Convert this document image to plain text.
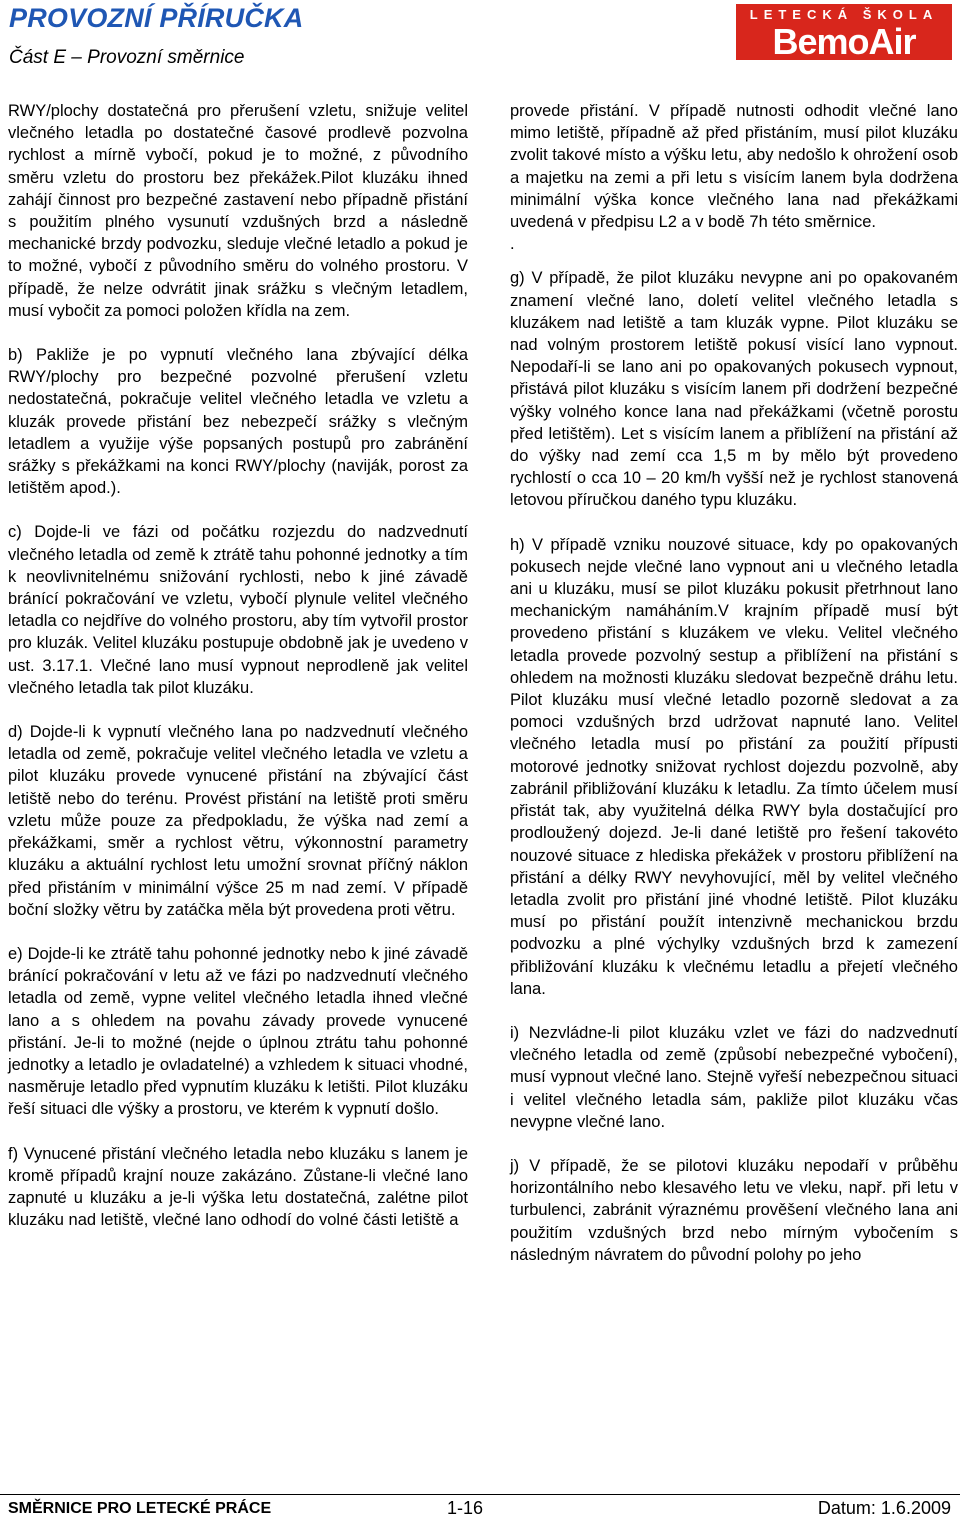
PROVOZNÍ PŘÍRUČKA
Část E – Provozní směrnice
LETECKÁ ŠKOLA
BemoAir

RWY/plochy dostatečná pro přerušení vzletu, snižuje velitel vlečného letadla po dostatečné časové prodlevě pozvolna rychlost a mírně vybočí, pokud je to možné, z původního směru vzletu do prostoru bez překážek.Pilot kluzáku ihned zahájí činnost pro bezpečné zastavení nebo případně přistání s použitím plného vysunutí vzdušných brzd a následně mechanické brzdy podvozku, sleduje vlečné letadlo a pokud je to možné, vybočí z původního směru do volného prostoru. V případě, že nelze odvrátit jinak srážku s vlečným letadlem, musí vybočit za pomoci položen křídla na zem.

b) Pakliže je po vypnutí vlečného lana zbývající délka RWY/plochy pro bezpečné pozvolné přerušení vzletu nedostatečná, pokračuje velitel vlečného letadla ve vzletu a kluzák provede přistání bez nebezpečí srážky s vlečným letadlem a využije výše popsaných postupů pro zabránění srážky s překážkami na konci RWY/plochy (naviják, porost za letištěm apod.).

c) Dojde-li ve fázi od počátku rozjezdu do nadzvednutí vlečného letadla od země k ztrátě tahu pohonné jednotky a tím k neovlivnitelnému snižování rychlosti, nebo k jiné závadě bránící pokračování ve vzletu, vybočí plynule velitel vlečného letadla co nejdříve do volného prostoru, aby tím vytvořil prostor pro kluzák. Velitel kluzáku postupuje obdobně jak je uvedeno v ust. 3.17.1. Vlečné lano musí vypnout neprodleně jak velitel vlečného letadla tak pilot kluzáku.

d) Dojde-li k vypnutí vlečného lana po nadzvednutí vlečného letadla od země, pokračuje velitel vlečného letadla ve vzletu a pilot kluzáku provede vynucené přistání na zbývající část letiště nebo do terénu. Provést přistání na letiště proti směru vzletu může pouze za předpokladu, že výška nad zemí a překážkami, směr a rychlost větru, výkonnostní parametry kluzáku a aktuální rychlost letu umožní srovnat příčný náklon před přistáním v minimální výšce 25 m nad zemí. V případě boční složky větru by zatáčka měla být provedena proti větru.

e) Dojde-li ke ztrátě tahu pohonné jednotky nebo k jiné závadě bránící pokračování v letu až ve fázi po nadzvednutí vlečného letadla od země, vypne velitel vlečného letadla ihned vlečné lano a s ohledem na povahu závady provede vynucené přistání. Je-li to možné (nejde o úplnou ztrátu tahu pohonné jednotky a letadlo je ovladatelné) a vzhledem k situaci vhodné, nasměruje letadlo před vypnutím kluzáku k letišti. Pilot kluzáku řeší situaci dle výšky a prostoru, ve kterém k vypnutí došlo.

f) Vynucené přistání vlečného letadla nebo kluzáku s lanem je kromě případů krajní nouze zakázáno. Zůstane-li vlečné lano zapnuté u kluzáku a je-li výška letu dostatečná, zalétne pilot kluzáku nad letiště, vlečné lano odhodí do volné části letiště a

provede přistání. V případě nutnosti odhodit vlečné lano mimo letiště, případně až před přistáním, musí pilot kluzáku zvolit takové místo a výšku letu, aby nedošlo k ohrožení osob a majetku na zemi a při letu s visícím lanem byla dodržena minimální výška konce vlečného lana nad překážkami uvedená v předpisu L2 a v bodě 7h této směrnice.

.

g) V případě, že pilot kluzáku nevypne ani po opakovaném znamení vlečné lano, doletí velitel vlečného letadla s kluzákem nad letiště a tam kluzák vypne. Pilot kluzáku se nad volným prostorem letiště pokusí visící lano vypnout. Nepodaří-li se lano ani po opakovaných pokusech vypnout, přistává pilot kluzáku s visícím lanem při dodržení bezpečné výšky volného konce lana nad překážkami (včetně porostu před letištěm). Let s visícím lanem a přiblížení na přistání až do výšky nad zemí cca 1,5 m by mělo být provedeno rychlostí o cca 10 – 20 km/h vyšší než je rychlost stanovená letovou příručkou daného typu kluzáku.

h) V případě vzniku nouzové situace, kdy po opakovaných pokusech nejde vlečné lano vypnout ani u vlečného letadla ani u kluzáku, musí se pilot kluzáku pokusit přetrhnout lano mechanickým namáháním.V krajním případě musí být provedeno přistání s kluzákem ve vleku. Velitel vlečného letadla provede pozvolný sestup a přiblížení na přistání s ohledem na možnosti kluzáku sledovat bezpečně dráhu letu. Pilot kluzáku musí vlečné letadlo pozorně sledovat a za pomoci vzdušných brzd udržovat napnuté lano. Velitel vlečného letadla musí po přistání za použití přípusti motorové jednotky snižovat rychlost dojezdu pozvolně, aby zabránil přibližování kluzáku k letadlu. Za tímto účelem musí přistát tak, aby využitelná délka RWY byla dostačující pro prodloužený dojezd. Je-li dané letiště pro řešení takovéto nouzové situace z hlediska překážek v prostoru přiblížení na přistání a délky RWY nevyhovující, měl by velitel vlečného letadla zvolit pro přistání jiné vhodné letiště. Pilot kluzáku musí po přistání použít intenzivně mechanickou brzdu podvozku a plné výchylky vzdušných brzd k zamezení přibližování kluzáku k vlečnému letadlu a přejetí vlečného lana.

i) Nezvládne-li pilot kluzáku vzlet ve fázi do nadzvednutí vlečného letadla od země (způsobí nebezpečné vybočení), musí vypnout vlečné lano. Stejně vyřeší nebezpečnou situaci i velitel vlečného letadla sám, pakliže pilot kluzáku včas nevypne vlečné lano.

j) V případě, že se pilotovi kluzáku nepodaří v průběhu horizontálního nebo klesavého letu ve vleku, např. při letu v turbulenci, zabránit výraznému prověšení vlečného lana ani použitím vzdušných brzd nebo mírným vybočením s následným návratem do původní polohy po jeho

SMĚRNICE PRO LETECKÉ PRÁCE	1-16	Datum: 1.6.2009
